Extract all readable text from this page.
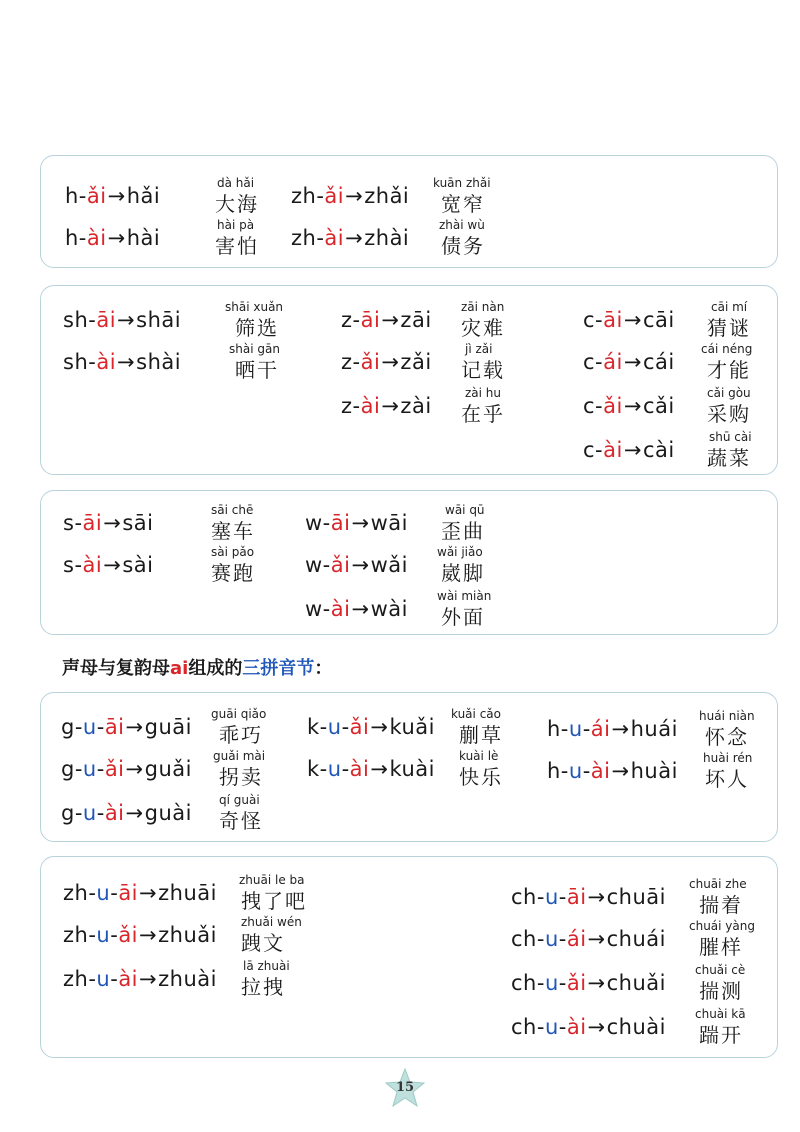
h-ǎi→hǎi
dà hǎi
大海
h-ài→hài
hài pà
害怕
zh-ǎi→zhǎi
kuān zhǎi
宽窄
zh-ài→zhài
zhài wù
债务
sh-āi→shāi
shāi xuǎn
筛选
sh-ài→shài
shài gān
晒干
z-āi→zāi
zāi nàn
灾难
z-ǎi→zǎi
jì zǎi
记载
z-ài→zài
zài hu
在乎
c-āi→cāi
cāi mí
猜谜
c-ái→cái
cái néng
才能
c-ǎi→cǎi
cǎi gòu
采购
c-ài→cài
shū cài
蔬菜
s-āi→sāi
sāi chē
塞车
s-ài→sài
sài pǎo
赛跑
w-āi→wāi
wāi qū
歪曲
w-ǎi→wǎi
wǎi jiǎo
崴脚
w-ài→wài
wài miàn
外面
声母与复韵母ai组成的三拼音节：
g-u-āi→guāi
guāi qiǎo
乖巧
g-u-ǎi→guǎi
guǎi mài
拐卖
g-u-ài→guài
qí guài
奇怪
k-u-ǎi→kuǎi
kuǎi cǎo
蒯草
k-u-ài→kuài
kuài lè
快乐
h-u-ái→huái
huái niàn
怀念
h-u-ài→huài
huài rén
坏人
zh-u-āi→zhuāi
zhuāi le ba
拽了吧
zh-u-ǎi→zhuǎi
zhuǎi wén
跩文
zh-u-ài→zhuài
lā zhuài
拉拽
ch-u-āi→chuāi
chuāi zhe
揣着
ch-u-ái→chuái
chuái yàng
膗样
ch-u-ǎi→chuǎi
chuǎi cè
揣测
ch-u-ài→chuài
chuài kā
踹开
15
